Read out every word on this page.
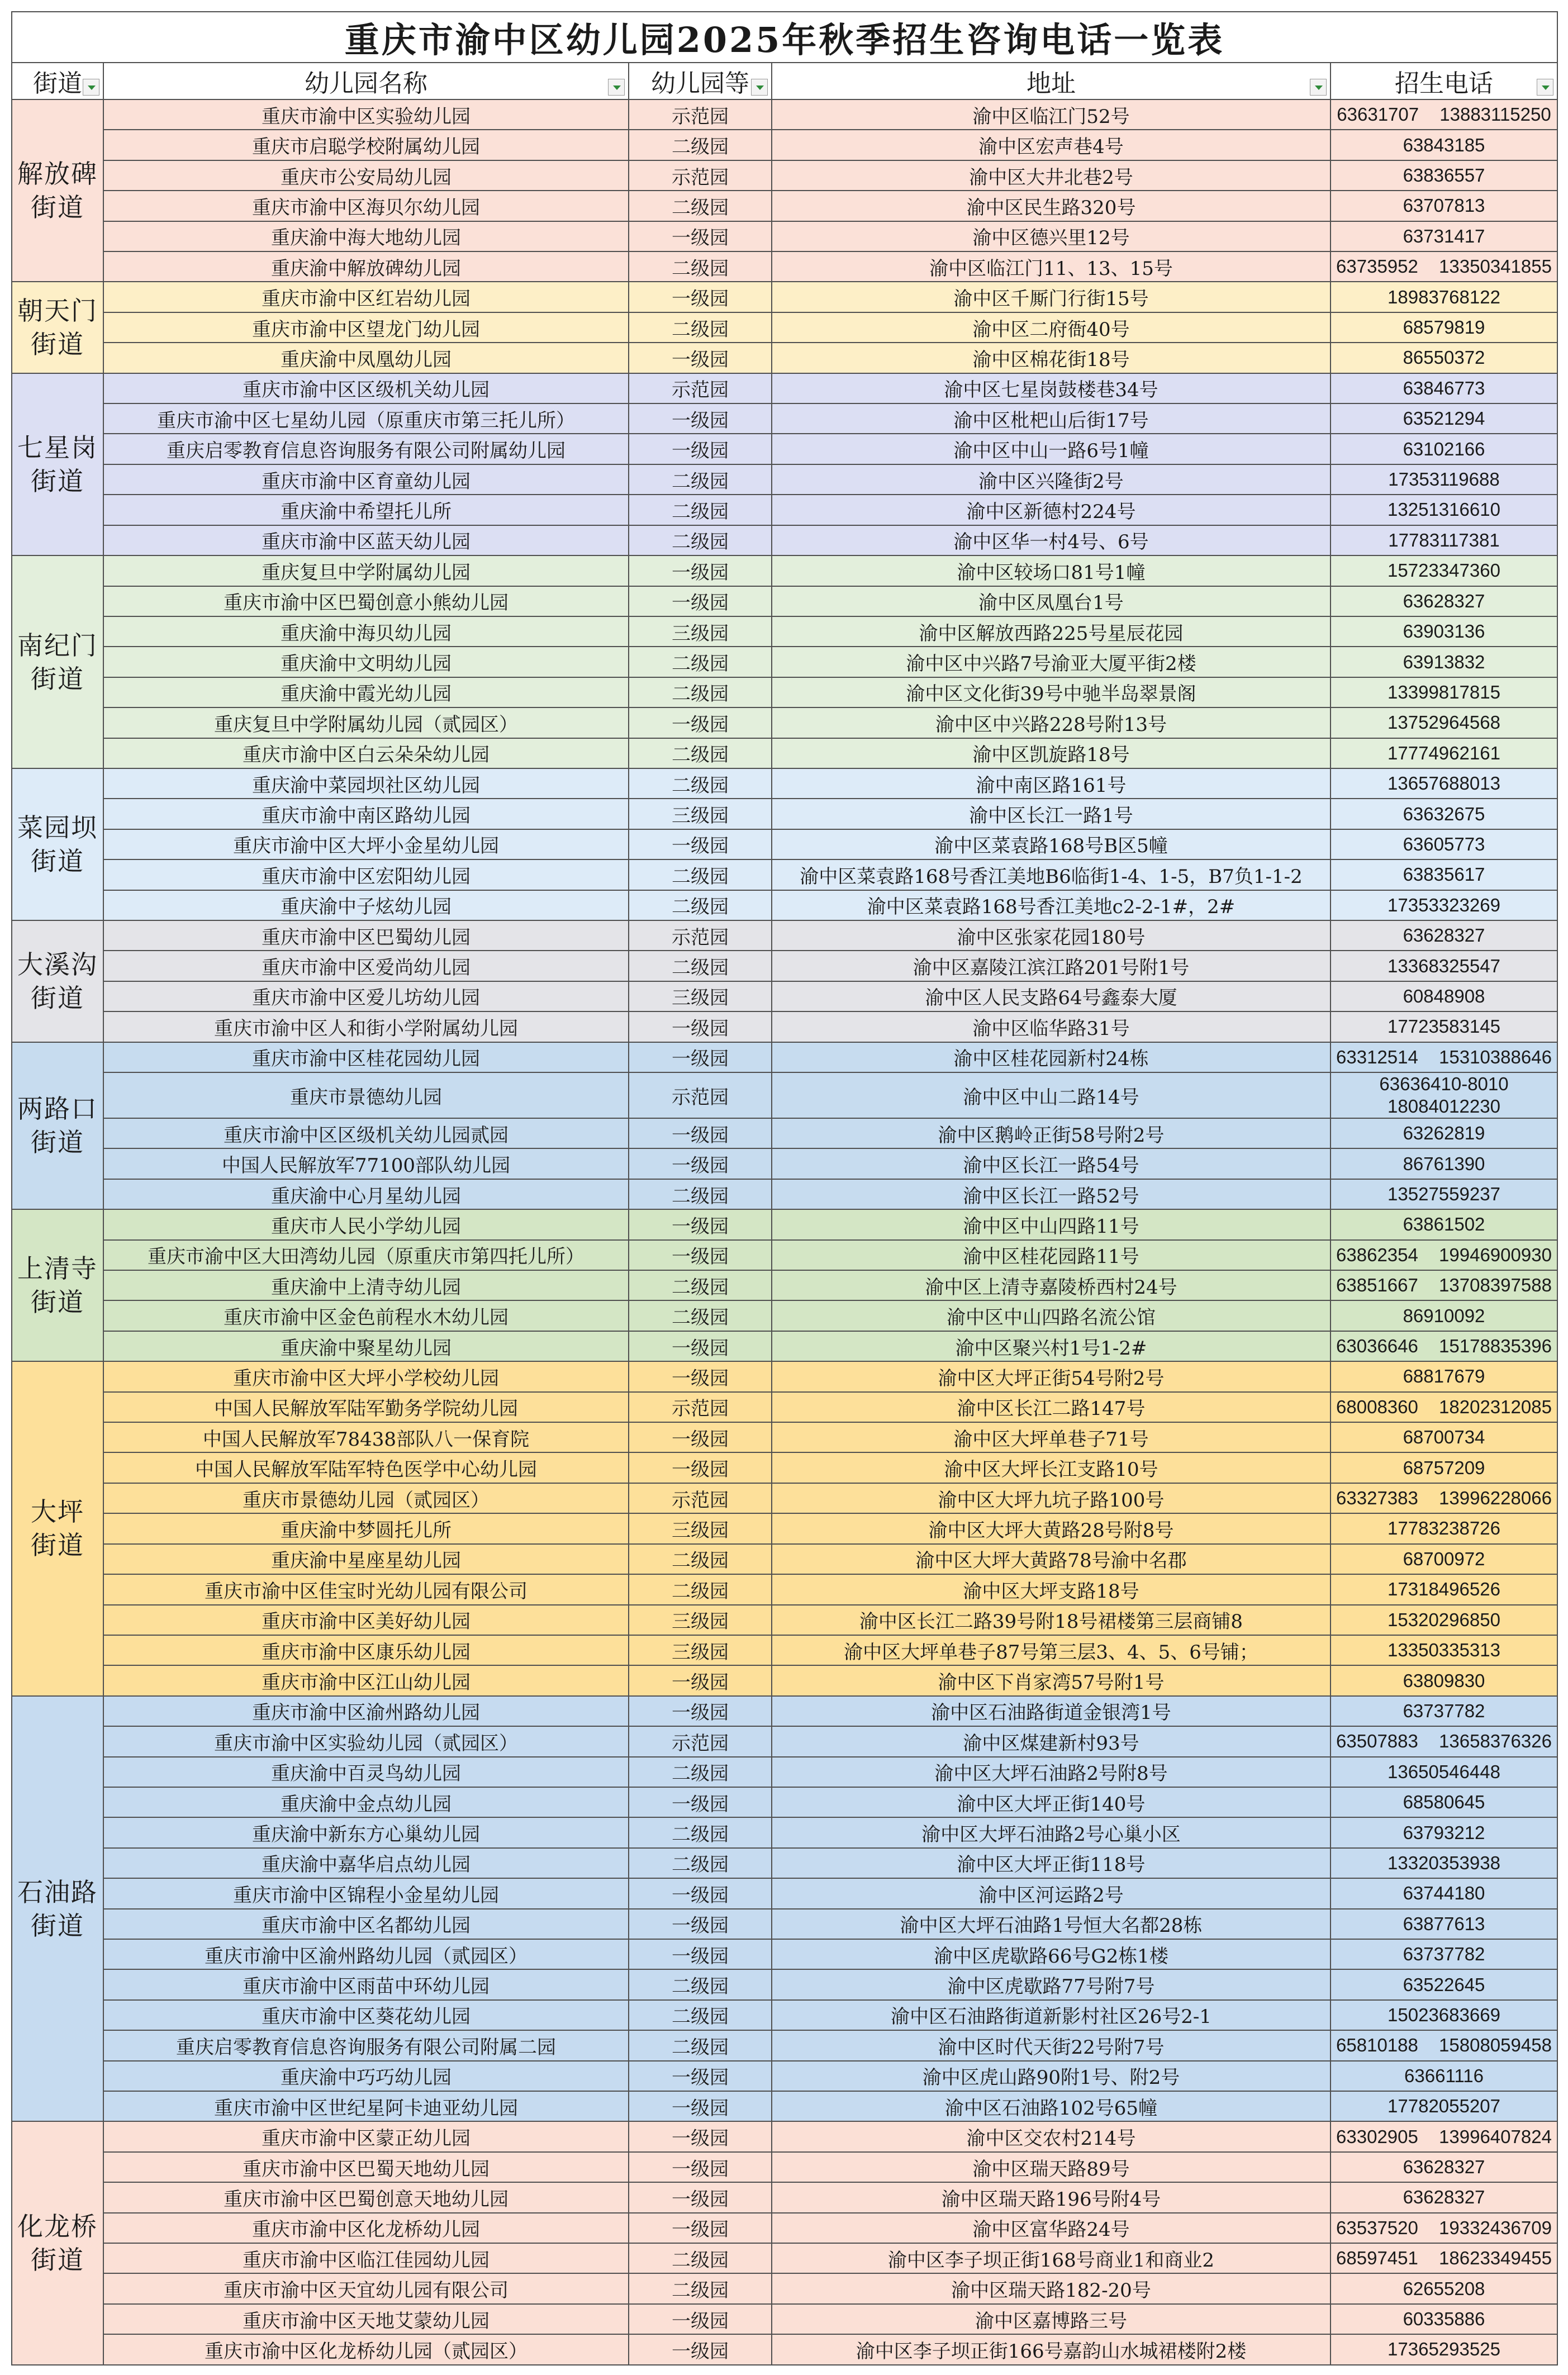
重庆市渝中区幼儿园2025年秋季招生咨询电话一览表				
街道	幼儿园名称	幼儿园等	地址	招生电话

解放碑
街道	重庆市渝中区实验幼儿园	示范园	渝中区临江门52号	63631707 13883115250
	重庆市启聪学校附属幼儿园	二级园	渝中区宏声巷4号	63843185
	重庆市公安局幼儿园	示范园	渝中区大井北巷2号	63836557
	重庆市渝中区海贝尔幼儿园	二级园	渝中区民生路320号	63707813
	重庆渝中海大地幼儿园	一级园	渝中区德兴里12号	63731417
	重庆渝中解放碑幼儿园	二级园	渝中区临江门11、13、15号	63735952 13350341855

朝天门
街道	重庆市渝中区红岩幼儿园	一级园	渝中区千厮门行街15号	18983768122
	重庆市渝中区望龙门幼儿园	二级园	渝中区二府衙40号	68579819
	重庆渝中凤凰幼儿园	一级园	渝中区棉花街18号	86550372

七星岗
街道	重庆市渝中区区级机关幼儿园	示范园	渝中区七星岗鼓楼巷34号	63846773
	重庆市渝中区七星幼儿园（原重庆市第三托儿所）	一级园	渝中区枇杷山后街17号	63521294
	重庆启零教育信息咨询服务有限公司附属幼儿园	一级园	渝中区中山一路6号1幢	63102166
	重庆市渝中区育童幼儿园	二级园	渝中区兴隆街2号	17353119688
	重庆渝中希望托儿所	二级园	渝中区新德村224号	13251316610
	重庆市渝中区蓝天幼儿园	二级园	渝中区华一村4号、6号	17783117381

南纪门
街道	重庆复旦中学附属幼儿园	一级园	渝中区较场口81号1幢	15723347360
	重庆市渝中区巴蜀创意小熊幼儿园	一级园	渝中区凤凰台1号	63628327
	重庆渝中海贝幼儿园	三级园	渝中区解放西路225号星辰花园	63903136
	重庆渝中文明幼儿园	二级园	渝中区中兴路7号渝亚大厦平街2楼	63913832
	重庆渝中霞光幼儿园	二级园	渝中区文化街39号中驰半岛翠景阁	13399817815
	重庆复旦中学附属幼儿园（贰园区）	一级园	渝中区中兴路228号附13号	13752964568
	重庆市渝中区白云朵朵幼儿园	二级园	渝中区凯旋路18号	17774962161

菜园坝
街道	重庆渝中菜园坝社区幼儿园	二级园	渝中南区路161号	13657688013
	重庆市渝中南区路幼儿园	三级园	渝中区长江一路1号	63632675
	重庆市渝中区大坪小金星幼儿园	一级园	渝中区菜袁路168号B区5幢	63605773
	重庆市渝中区宏阳幼儿园	二级园	渝中区菜袁路168号香江美地B6临街1-4、1-5，B7负1-1-2	63835617
	重庆渝中子炫幼儿园	二级园	渝中区菜袁路168号香江美地c2-2-1#，2#	17353323269

大溪沟
街道	重庆市渝中区巴蜀幼儿园	示范园	渝中区张家花园180号	63628327
	重庆市渝中区爱尚幼儿园	二级园	渝中区嘉陵江滨江路201号附1号	13368325547
	重庆市渝中区爱儿坊幼儿园	三级园	渝中区人民支路64号鑫泰大厦	60848908
	重庆市渝中区人和街小学附属幼儿园	一级园	渝中区临华路31号	17723583145

两路口
街道	重庆市渝中区桂花园幼儿园	一级园	渝中区桂花园新村24栋	63312514 15310388646
	重庆市景德幼儿园	示范园	渝中区中山二路14号	63636410-8010
18084012230

	重庆市渝中区区级机关幼儿园贰园	一级园	渝中区鹅岭正街58号附2号	63262819
	中国人民解放军77100部队幼儿园	一级园	渝中区长江一路54号	86761390
	重庆渝中心月星幼儿园	二级园	渝中区长江一路52号	13527559237

上清寺
街道	重庆市人民小学幼儿园	一级园	渝中区中山四路11号	63861502
	重庆市渝中区大田湾幼儿园（原重庆市第四托儿所）	一级园	渝中区桂花园路11号	63862354 19946900930
	重庆渝中上清寺幼儿园	二级园	渝中区上清寺嘉陵桥西村24号	63851667 13708397588
	重庆市渝中区金色前程水木幼儿园	二级园	渝中区中山四路名流公馆	86910092
	重庆渝中聚星幼儿园	一级园	渝中区聚兴村1号1-2#	63036646 15178835396

大坪
街道	重庆市渝中区大坪小学校幼儿园	一级园	渝中区大坪正街54号附2号	68817679
	中国人民解放军陆军勤务学院幼儿园	示范园	渝中区长江二路147号	68008360 18202312085
	中国人民解放军78438部队八一保育院	一级园	渝中区大坪单巷子71号	68700734
	中国人民解放军陆军特色医学中心幼儿园	一级园	渝中区大坪长江支路10号	68757209
	重庆市景德幼儿园（贰园区）	示范园	渝中区大坪九坑子路100号	63327383 13996228066
	重庆渝中梦圆托儿所	三级园	渝中区大坪大黄路28号附8号	17783238726
	重庆渝中星座星幼儿园	二级园	渝中区大坪大黄路78号渝中名郡	68700972
	重庆市渝中区佳宝时光幼儿园有限公司	二级园	渝中区大坪支路18号	17318496526
	重庆市渝中区美好幼儿园	三级园	渝中区长江二路39号附18号裙楼第三层商铺8	15320296850
	重庆市渝中区康乐幼儿园	三级园	渝中区大坪单巷子87号第三层3、4、5、6号铺；	13350335313
	重庆市渝中区江山幼儿园	一级园	渝中区下肖家湾57号附1号	63809830

石油路
街道	重庆市渝中区渝州路幼儿园	一级园	渝中区石油路街道金银湾1号	63737782
	重庆市渝中区实验幼儿园（贰园区）	示范园	渝中区煤建新村93号	63507883 13658376326
	重庆渝中百灵鸟幼儿园	二级园	渝中区大坪石油路2号附8号	13650546448
	重庆渝中金点幼儿园	一级园	渝中区大坪正街140号	68580645
	重庆渝中新东方心巢幼儿园	二级园	渝中区大坪石油路2号心巢小区	63793212
	重庆渝中嘉华启点幼儿园	二级园	渝中区大坪正街118号	13320353938
	重庆市渝中区锦程小金星幼儿园	一级园	渝中区河运路2号	63744180
	重庆市渝中区名都幼儿园	一级园	渝中区大坪石油路1号恒大名都28栋	63877613
	重庆市渝中区渝州路幼儿园（贰园区）	一级园	渝中区虎歇路66号G2栋1楼	63737782
	重庆市渝中区雨苗中环幼儿园	二级园	渝中区虎歇路77号附7号	63522645
	重庆市渝中区葵花幼儿园	二级园	渝中区石油路街道新影村社区26号2-1	15023683669
	重庆启零教育信息咨询服务有限公司附属二园	二级园	渝中区时代天街22号附7号	65810188 15808059458
	重庆渝中巧巧幼儿园	一级园	渝中区虎山路90附1号、附2号	63661116
	重庆市渝中区世纪星阿卡迪亚幼儿园	一级园	渝中区石油路102号65幢	17782055207

化龙桥
街道	重庆市渝中区蒙正幼儿园	一级园	渝中区交农村214号	63302905 13996407824
	重庆市渝中区巴蜀天地幼儿园	一级园	渝中区瑞天路89号	63628327
	重庆市渝中区巴蜀创意天地幼儿园	一级园	渝中区瑞天路196号附4号	63628327
	重庆市渝中区化龙桥幼儿园	一级园	渝中区富华路24号	63537520 19332436709
	重庆市渝中区临江佳园幼儿园	二级园	渝中区李子坝正街168号商业1和商业2	68597451 18623349455
	重庆市渝中区天宜幼儿园有限公司	二级园	渝中区瑞天路182-20号	62655208
	重庆市渝中区天地艾蒙幼儿园	一级园	渝中区嘉博路三号	60335886
	重庆市渝中区化龙桥幼儿园（贰园区）	一级园	渝中区李子坝正街166号嘉韵山水城裙楼附2楼	17365293525
